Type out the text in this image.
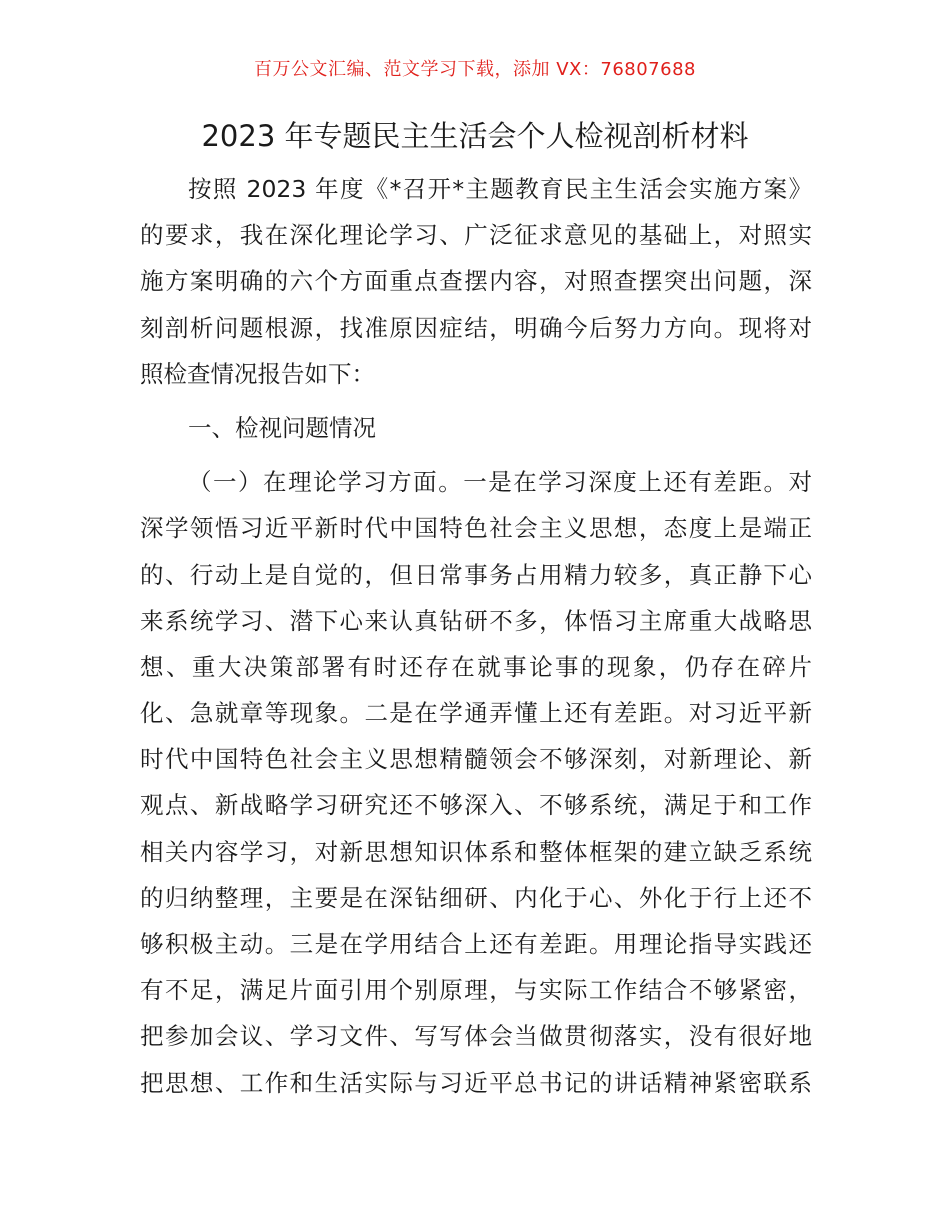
百万公文汇编、范文学习下载，添加 VX：76807688
2023 年专题民主生活会个人检视剖析材料
按照 2023 年度《*召开*主题教育民主生活会实施方案》
的要求，我在深化理论学习、广泛征求意见的基础上，对照实
施方案明确的六个方面重点查摆内容，对照查摆突出问题，深
刻剖析问题根源，找准原因症结，明确今后努力方向。现将对
照检查情况报告如下：
一、检视问题情况
（一）在理论学习方面。一是在学习深度上还有差距。对
深学领悟习近平新时代中国特色社会主义思想，态度上是端正
的、行动上是自觉的，但日常事务占用精力较多，真正静下心
来系统学习、潜下心来认真钻研不多，体悟习主席重大战略思
想、重大决策部署有时还存在就事论事的现象，仍存在碎片
化、急就章等现象。二是在学通弄懂上还有差距。对习近平新
时代中国特色社会主义思想精髓领会不够深刻，对新理论、新
观点、新战略学习研究还不够深入、不够系统，满足于和工作
相关内容学习，对新思想知识体系和整体框架的建立缺乏系统
的归纳整理，主要是在深钻细研、内化于心、外化于行上还不
够积极主动。三是在学用结合上还有差距。用理论指导实践还
有不足，满足片面引用个别原理，与实际工作结合不够紧密，
把参加会议、学习文件、写写体会当做贯彻落实，没有很好地
把思想、工作和生活实际与习近平总书记的讲话精神紧密联系
